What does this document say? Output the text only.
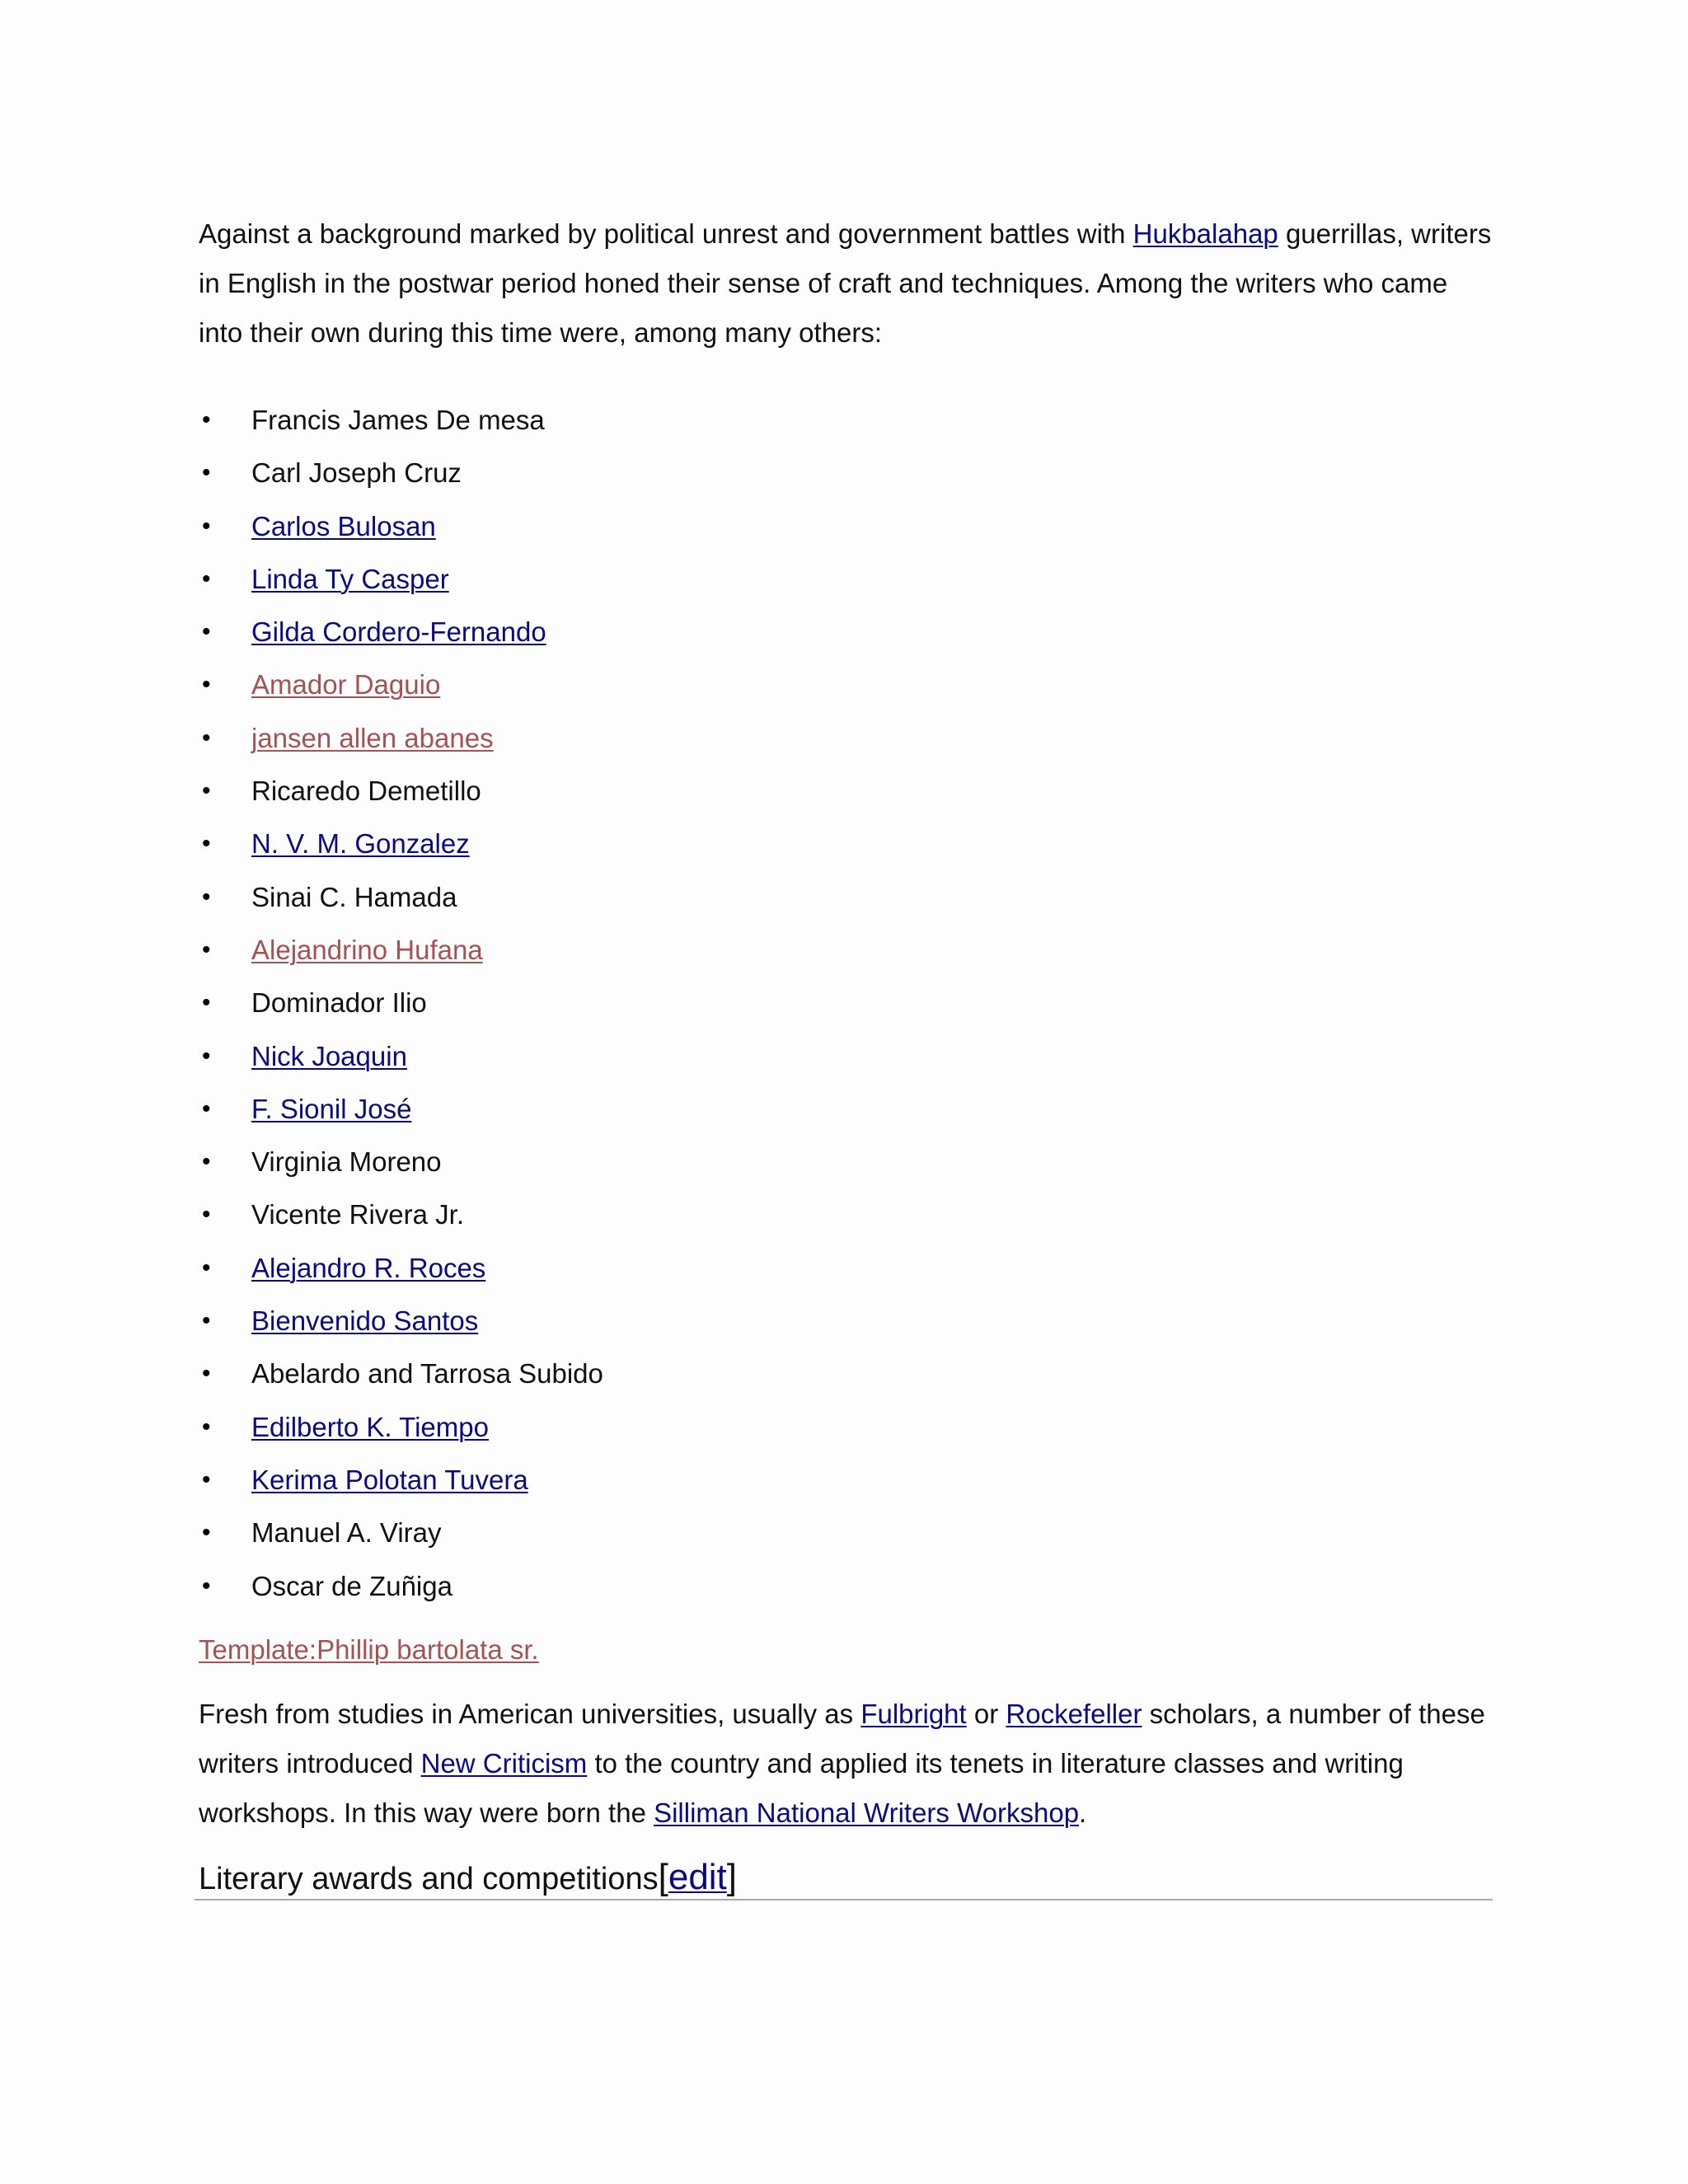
Against a background marked by political unrest and government battles with Hukbalahap guerrillas, writers in English in the postwar period honed their sense of craft and techniques. Among the writers who came into their own during this time were, among many others:

• Francis James De mesa
• Carl Joseph Cruz
• Carlos Bulosan
• Linda Ty Casper
• Gilda Cordero-Fernando
• Amador Daguio
• jansen allen abanes
• Ricaredo Demetillo
• N. V. M. Gonzalez
• Sinai C. Hamada
• Alejandrino Hufana
• Dominador Ilio
• Nick Joaquin
• F. Sionil José
• Virginia Moreno
• Vicente Rivera Jr.
• Alejandro R. Roces
• Bienvenido Santos
• Abelardo and Tarrosa Subido
• Edilberto K. Tiempo
• Kerima Polotan Tuvera
• Manuel A. Viray
• Oscar de Zuñiga
Template:Phillip bartolata sr.

Fresh from studies in American universities, usually as Fulbright or Rockefeller scholars, a number of these writers introduced New Criticism to the country and applied its tenets in literature classes and writing workshops. In this way were born the Silliman National Writers Workshop.

Literary awards and competitions[edit]
